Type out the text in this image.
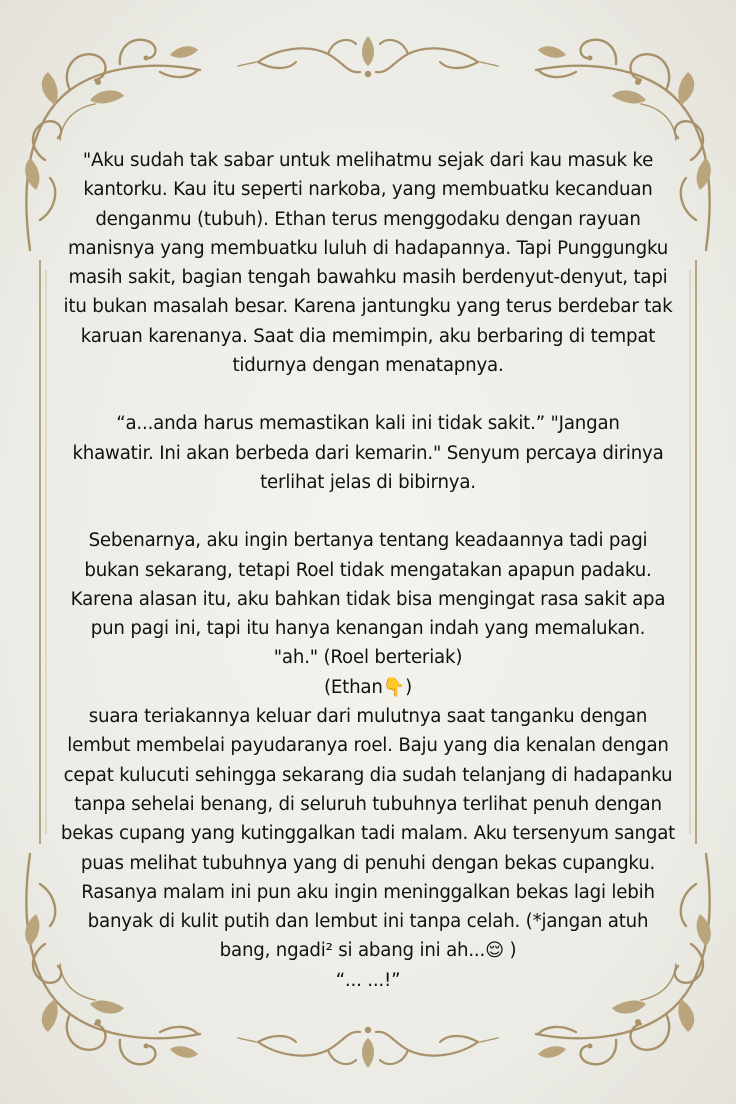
"Aku sudah tak sabar untuk melihatmu sejak dari kau masuk ke
kantorku. Kau itu seperti narkoba, yang membuatku kecanduan
denganmu (tubuh). Ethan terus menggodaku dengan rayuan
manisnya yang membuatku luluh di hadapannya. Tapi Punggungku
masih sakit, bagian tengah bawahku masih berdenyut-denyut, tapi
itu bukan masalah besar. Karena jantungku yang terus berdebar tak
karuan karenanya. Saat dia memimpin, aku berbaring di tempat
tidurnya dengan menatapnya.

“a...anda harus memastikan kali ini tidak sakit.” "Jangan
khawatir. Ini akan berbeda dari kemarin." Senyum percaya dirinya
terlihat jelas di bibirnya.

Sebenarnya, aku ingin bertanya tentang keadaannya tadi pagi
bukan sekarang, tetapi Roel tidak mengatakan apapun padaku.
Karena alasan itu, aku bahkan tidak bisa mengingat rasa sakit apa
pun pagi ini, tapi itu hanya kenangan indah yang memalukan.
"ah." (Roel berteriak)
(Ethan👇)
suara teriakannya keluar dari mulutnya saat tanganku dengan
lembut membelai payudaranya roel. Baju yang dia kenalan dengan
cepat kulucuti sehingga sekarang dia sudah telanjang di hadapanku
tanpa sehelai benang, di seluruh tubuhnya terlihat penuh dengan
bekas cupang yang kutinggalkan tadi malam. Aku tersenyum sangat
puas melihat tubuhnya yang di penuhi dengan bekas cupangku.
Rasanya malam ini pun aku ingin meninggalkan bekas lagi lebih
banyak di kulit putih dan lembut ini tanpa celah. (*jangan atuh
bang, ngadi² si abang ini ah...😌 )
“... ...!”
